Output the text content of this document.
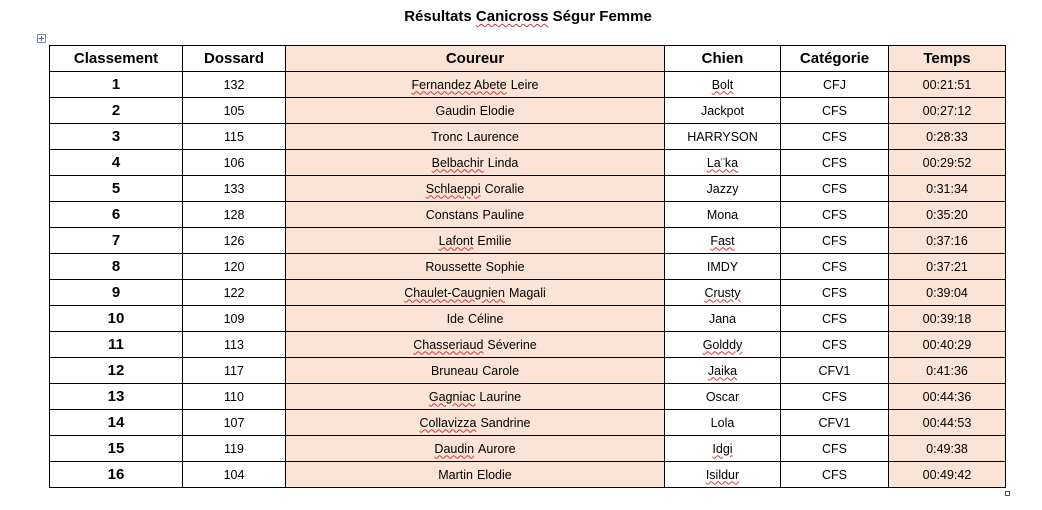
Résultats Canicross Ségur Femme
Classement	Dossard	Coureur	Chien	Catégorie	Temps
1	132	Fernandez Abete Leire	Bolt	CFJ	00:21:51
2	105	Gaudin Elodie	Jackpot	CFS	00:27:12
3	115	Tronc Laurence	HARRYSON	CFS	0:28:33
4	106	Belbachir Linda	La¨ka	CFS	00:29:52
5	133	Schlaeppi Coralie	Jazzy	CFS	0:31:34
6	128	Constans Pauline	Mona	CFS	0:35:20
7	126	Lafont Emilie	Fast	CFS	0:37:16
8	120	Roussette Sophie	IMDY	CFS	0:37:21
9	122	Chaulet-Caugnien Magali	Crusty	CFS	0:39:04
10	109	Ide Céline	Jana	CFS	00:39:18
11	113	Chasseriaud Séverine	Golddy	CFS	00:40:29
12	117	Bruneau Carole	Jaika	CFV1	0:41:36
13	110	Gagniac Laurine	Oscar	CFS	00:44:36
14	107	Collavizza Sandrine	Lola	CFV1	00:44:53
15	119	Daudin Aurore	Idgi	CFS	0:49:38
16	104	Martin Elodie	Isildur	CFS	00:49:42
